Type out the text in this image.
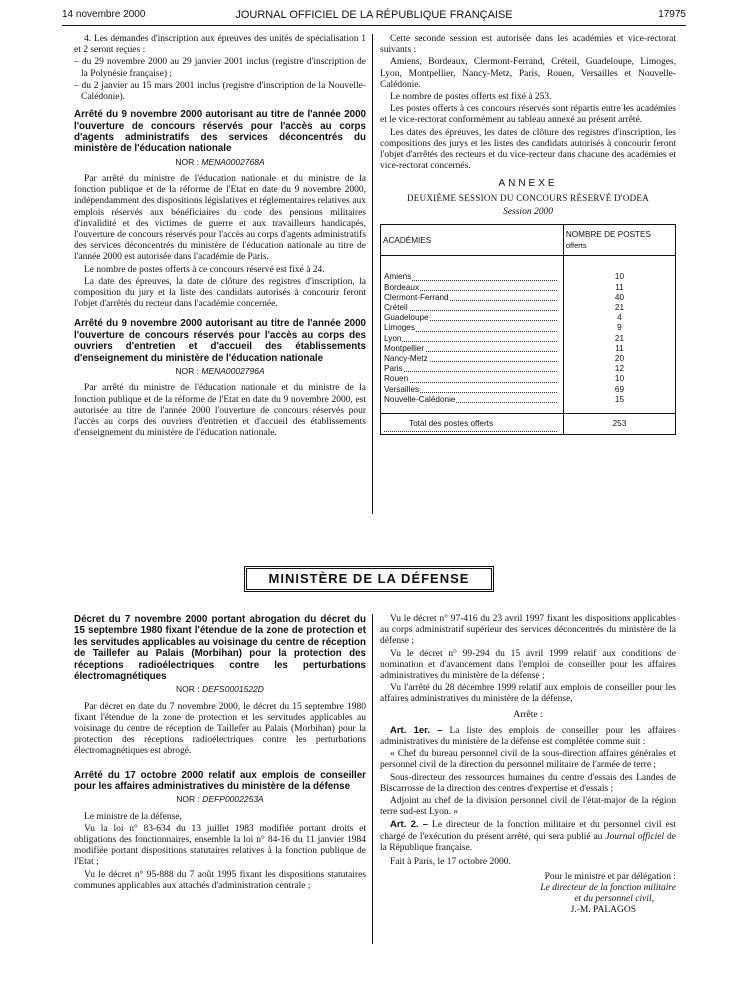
14 novembre 2000	JOURNAL OFFICIEL DE LA RÉPUBLIQUE FRANÇAISE	17975

4. Les demandes d'inscription aux épreuves des unités de spécialisation 1 et 2 seront reçues :

– du 29 novembre 2000 au 29 janvier 2001 inclus (registre d'inscription de la Polynésie française) ;

– du 2 janvier au 15 mars 2001 inclus (registre d'inscription de la Nouvelle-Calédonie).

Arrêté du 9 novembre 2000 autorisant au titre de l'année 2000 l'ouverture de concours réservés pour l'accès au corps d'agents administratifs des services déconcentrés du ministère de l'éducation nationale
NOR : MENA0002768A

Par arrêté du ministre de l'éducation nationale et du ministre de la fonction publique et de la réforme de l'Etat en date du 9 novembre 2000, indépendamment des dispositions législatives et réglementaires relatives aux emplois réservés aux bénéficiaires du code des pensions militaires d'invalidité et des victimes de guerre et aux travailleurs handicapés, l'ouverture de concours réservés pour l'accès au corps d'agents administratifs des services déconcentrés du ministère de l'éducation nationale au titre de l'année 2000 est autorisée dans l'académie de Paris.

Le nombre de postes offerts à ce concours réservé est fixé à 24.

La date des épreuves, la date de clôture des registres d'inscription, la composition du jury et la liste des candidats autorisés à concourir feront l'objet d'arrêtés du recteur dans l'académie concernée.

Arrêté du 9 novembre 2000 autorisant au titre de l'année 2000 l'ouverture de concours réservés pour l'accès au corps des ouvriers d'entretien et d'accueil des établissements d'enseignement du ministère de l'éducation nationale
NOR : MENA0002796A

Par arrêté du ministre de l'éducation nationale et du ministre de la fonction publique et de la réforme de l'Etat en date du 9 novembre 2000, est autorisée au titre de l'année 2000 l'ouverture de concours réservés pour l'accès au corps des ouvriers d'entretien et d'accueil des établissements d'enseignement du ministère de l'éducation nationale.

Cette seconde session est autorisée dans les académies et vice-rectorat suivants :

Amiens, Bordeaux, Clermont-Ferrand, Créteil, Guadeloupe, Limoges, Lyon, Montpellier, Nancy-Metz, Paris, Rouen, Versailles et Nouvelle-Calédonie.

Le nombre de postes offerts est fixé à 253.

Les postes offerts à ces concours réservés sont répartis entre les académies et le vice-rectorat conformément au tableau annexé au présent arrêté.

Les dates des épreuves, les dates de clôture des registres d'inscription, les compositions des jurys et les listes des candidats autorisés à concourir feront l'objet d'arrêtés des recteurs et du vice-recteur dans chacune des académies et vice-rectorat concernés.

ANNEXE
DEUXIÈME SESSION DU CONCOURS RÉSERVÉ D'ODEA
Session 2000
ACADÉMIES	NOMBRE DE POSTES
offerts

Amiens	10
Bordeaux	11
Clermont-Ferrand	40
Créteil	21
Guadeloupe	4
Limoges	9
Lyon	21
Montpellier	11
Nancy-Metz	20
Paris	12
Rouen	10
Versailles	69
Nouvelle-Calédonie	15

Total des postes offerts	253
MINISTÈRE DE LA DÉFENSE
Décret du 7 novembre 2000 portant abrogation du décret du 15 septembre 1980 fixant l'étendue de la zone de protection et les servitudes applicables au voisinage du centre de réception de Taillefer au Palais (Morbihan) pour la protection des réceptions radioélectriques contre les perturbations électromagnétiques
NOR : DEFS0001522D

Par décret en date du 7 novembre 2000, le décret du 15 septembre 1980 fixant l'étendue de la zone de protection et les servitudes applicables au voisinage du centre de réception de Taillefer au Palais (Morbihan) pour la protection des réceptions radioélectriques contre les perturbations électromagnétiques est abrogé.

Arrêté du 17 octobre 2000 relatif aux emplois de conseiller pour les affaires administratives du ministère de la défense
NOR : DEFP0002253A

Le ministre de la défense,

Vu la loi n° 83-634 du 13 juillet 1983 modifiée portant droits et obligations des fonctionnaires, ensemble la loi n° 84-16 du 11 janvier 1984 modifiée portant dispositions statutaires relatives à la fonction publique de l'Etat ;

Vu le décret n° 95-888 du 7 août 1995 fixant les dispositions statutaires communes applicables aux attachés d'administration centrale ;

Vu le décret n° 97-416 du 23 avril 1997 fixant les dispositions applicables au corps administratif supérieur des services déconcentrés du ministère de la défense ;

Vu le décret n° 99-294 du 15 avril 1999 relatif aux conditions de nomination et d'avancement dans l'emploi de conseiller pour les affaires administratives du ministère de la défense ;

Vu l'arrêté du 28 décembre 1999 relatif aux emplois de conseiller pour les affaires administratives du ministère de la défense,

Arrête :

Art. 1er. – La liste des emplois de conseiller pour les affaires administratives du ministère de la défense est complétée comme suit :

« Chef du bureau personnel civil de la sous-direction affaires générales et personnel civil de la direction du personnel militaire de l'armée de terre ;

Sous-directeur des ressources humaines du centre d'essais des Landes de Biscarrosse de la direction des centres d'expertise et d'essais ;

Adjoint au chef de la division personnel civil de l'état-major de la région terre sud-est Lyon. »

Art. 2. – Le directeur de la fonction militaire et du personnel civil est chargé de l'exécution du présent arrêté, qui sera publié au Journal officiel de la République française.

Fait à Paris, le 17 octobre 2000.

Pour le ministre et par délégation :
Le directeur de la fonction militaire
et du personnel civil,
J.-M. PALAGOS
